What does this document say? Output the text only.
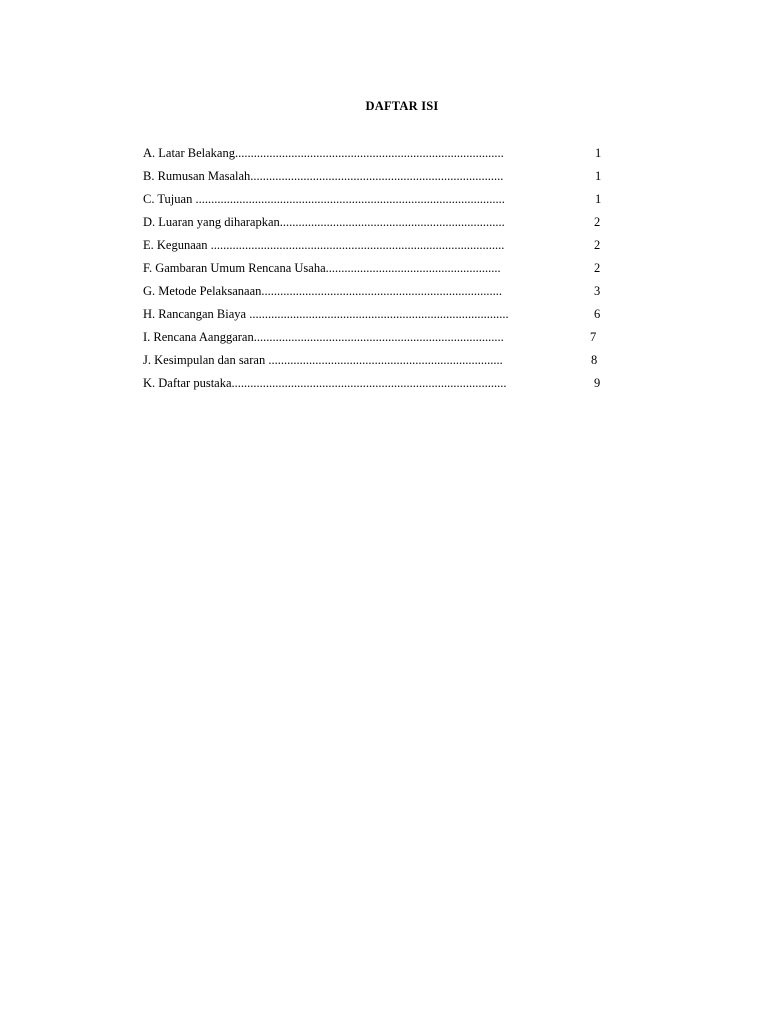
DAFTAR ISI
A. Latar Belakang......................................................................................	1
B. Rumusan Masalah.................................................................................	1
C. Tujuan ...................................................................................................	1
D. Luaran yang diharapkan........................................................................	2
E. Kegunaan ..............................................................................................	2
F. Gambaran Umum Rencana Usaha........................................................	2
G. Metode Pelaksanaan.............................................................................	3
H. Rancangan Biaya ...................................................................................	6
I. Rencana Aanggaran................................................................................	7
J. Kesimpulan dan saran ...........................................................................	8
K. Daftar pustaka........................................................................................	9
